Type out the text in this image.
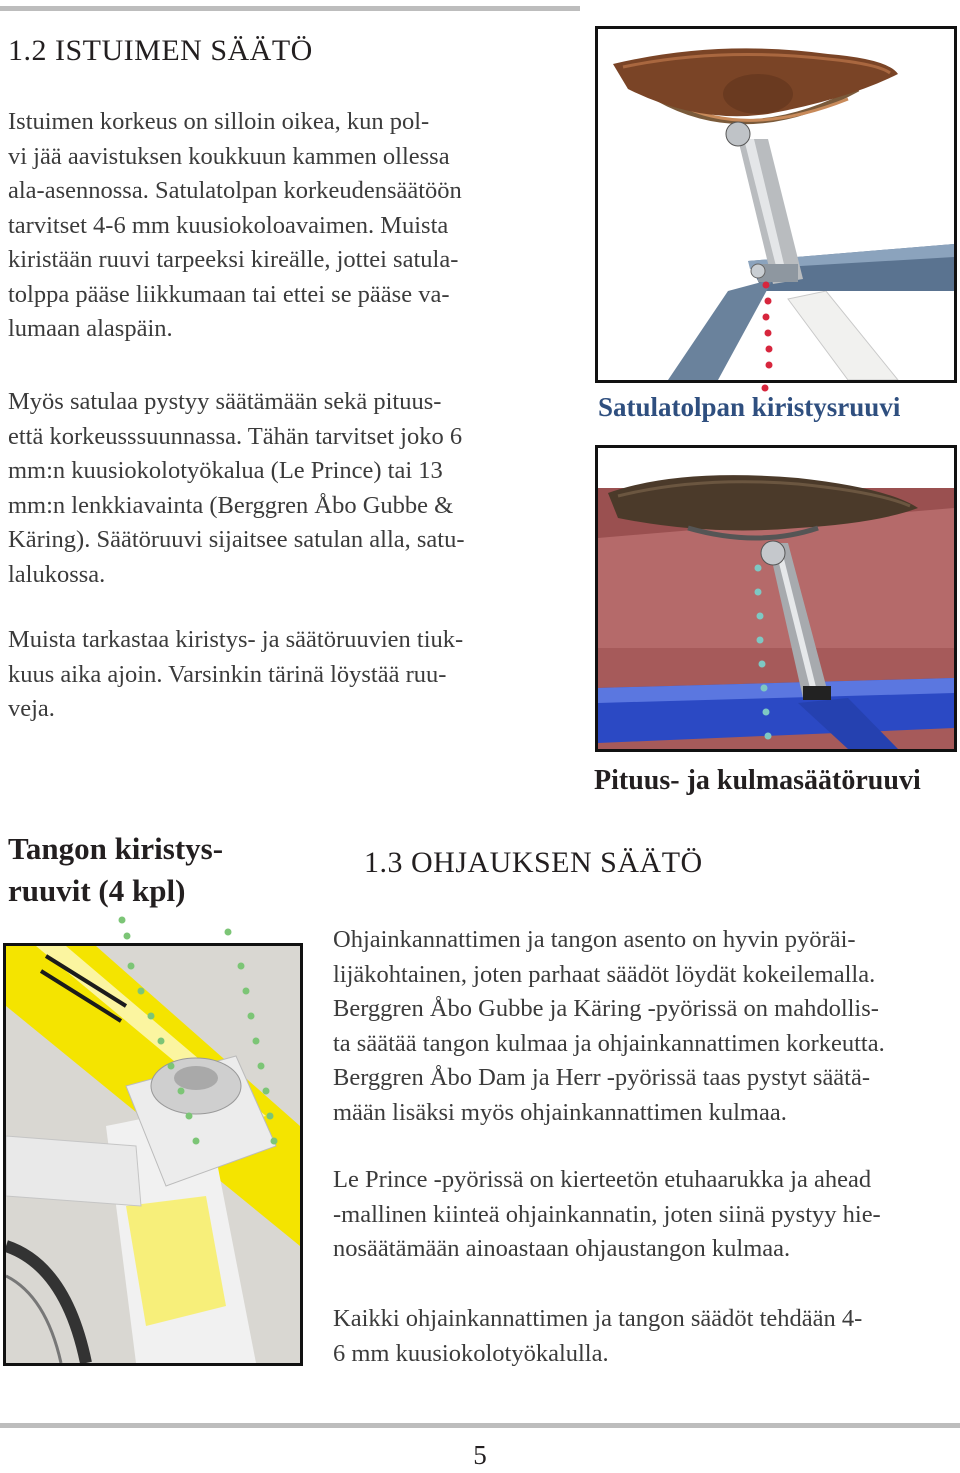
1.2 ISTUIMEN SÄÄTÖ
Istuimen korkeus on silloin oikea, kun pol-
vi jää aavistuksen koukkuun kammen ollessa
ala-asennossa. Satulatolpan korkeudensäätöön
tarvitset 4-6 mm kuusiokoloavaimen. Muista
kiristään ruuvi tarpeeksi kireälle, jottei satula-
tolppa pääse liikkumaan tai ettei se pääse va-
lumaan alaspäin.
Myös satulaa pystyy säätämään sekä pituus-
että korkeusssuunnassa. Tähän tarvitset joko 6
mm:n kuusiokolotyökalua (Le Prince) tai 13
mm:n lenkkiavainta (Berggren Åbo Gubbe &
Käring). Säätöruuvi sijaitsee satulan alla, satu-
lalukossa.
Muista tarkastaa kiristys- ja säätöruuvien tiuk-
kuus aika ajoin. Varsinkin tärinä löystää ruu-
veja.
Satulatolpan kiristysruuvi
Pituus- ja kulmasäätöruuvi
Tangon kiristys-
ruuvit (4 kpl)
1.3 OHJAUKSEN SÄÄTÖ
Ohjainkannattimen ja tangon asento on hyvin pyöräi-
lijäkohtainen, joten parhaat säädöt löydät kokeilemalla.
Berggren Åbo Gubbe ja Käring -pyörissä on mahdollis-
ta säätää tangon kulmaa ja ohjainkannattimen korkeutta.
Berggren Åbo Dam ja Herr -pyörissä taas pystyt säätä-
mään lisäksi myös ohjainkannattimen kulmaa.
Le Prince -pyörissä on kierteetön etuhaarukka ja ahead
-mallinen kiinteä ohjainkannatin, joten siinä pystyy hie-
nosäätämään ainoastaan ohjaustangon kulmaa.
Kaikki ohjainkannattimen ja tangon säädöt tehdään 4-
6 mm kuusiokolotyökalulla.
5
